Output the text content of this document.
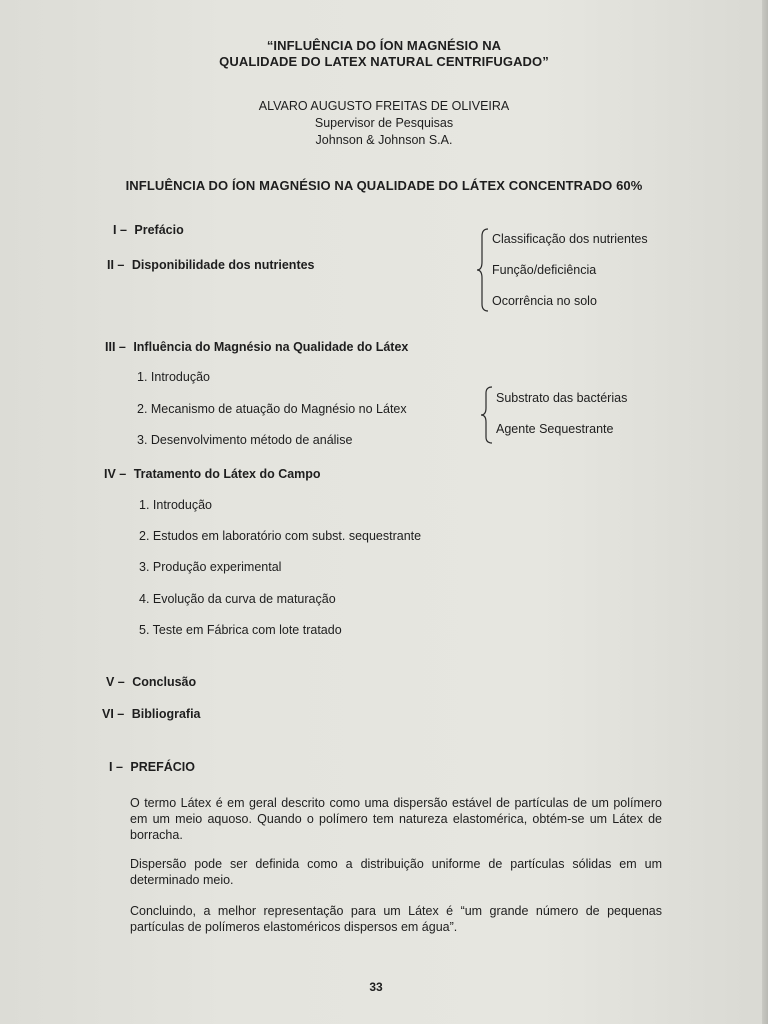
“INFLUÊNCIA DO ÍON MAGNÉSIO NA
QUALIDADE DO LATEX NATURAL CENTRIFUGADO”
ALVARO AUGUSTO FREITAS DE OLIVEIRA
Supervisor de Pesquisas
Johnson & Johnson S.A.
INFLUÊNCIA DO ÍON MAGNÉSIO NA QUALIDADE DO LÁTEX CONCENTRADO 60%
I – Prefácio
II – Disponibilidade dos nutrientes
Classificação dos nutrientes
Função/deficiência
Ocorrência no solo
III – Influência do Magnésio na Qualidade do Látex
1. Introdução
2. Mecanismo de atuação do Magnésio no Látex
3. Desenvolvimento método de análise
Substrato das bactérias
Agente Sequestrante
IV – Tratamento do Látex do Campo
1. Introdução
2. Estudos em laboratório com subst. sequestrante
3. Produção experimental
4. Evolução da curva de maturação
5. Teste em Fábrica com lote tratado
V – Conclusão
VI – Bibliografia
I – PREFÁCIO
O termo Látex é em geral descrito como uma dispersão estável de partículas de um polímero em um meio aquoso. Quando o polímero tem natureza elastomérica, obtém-se um Látex de borracha.
Dispersão pode ser definida como a distribuição uniforme de partículas sólidas em um determinado meio.
Concluindo, a melhor representação para um Látex é “um grande número de pequenas partículas de polímeros elastoméricos dispersos em água”.
33
